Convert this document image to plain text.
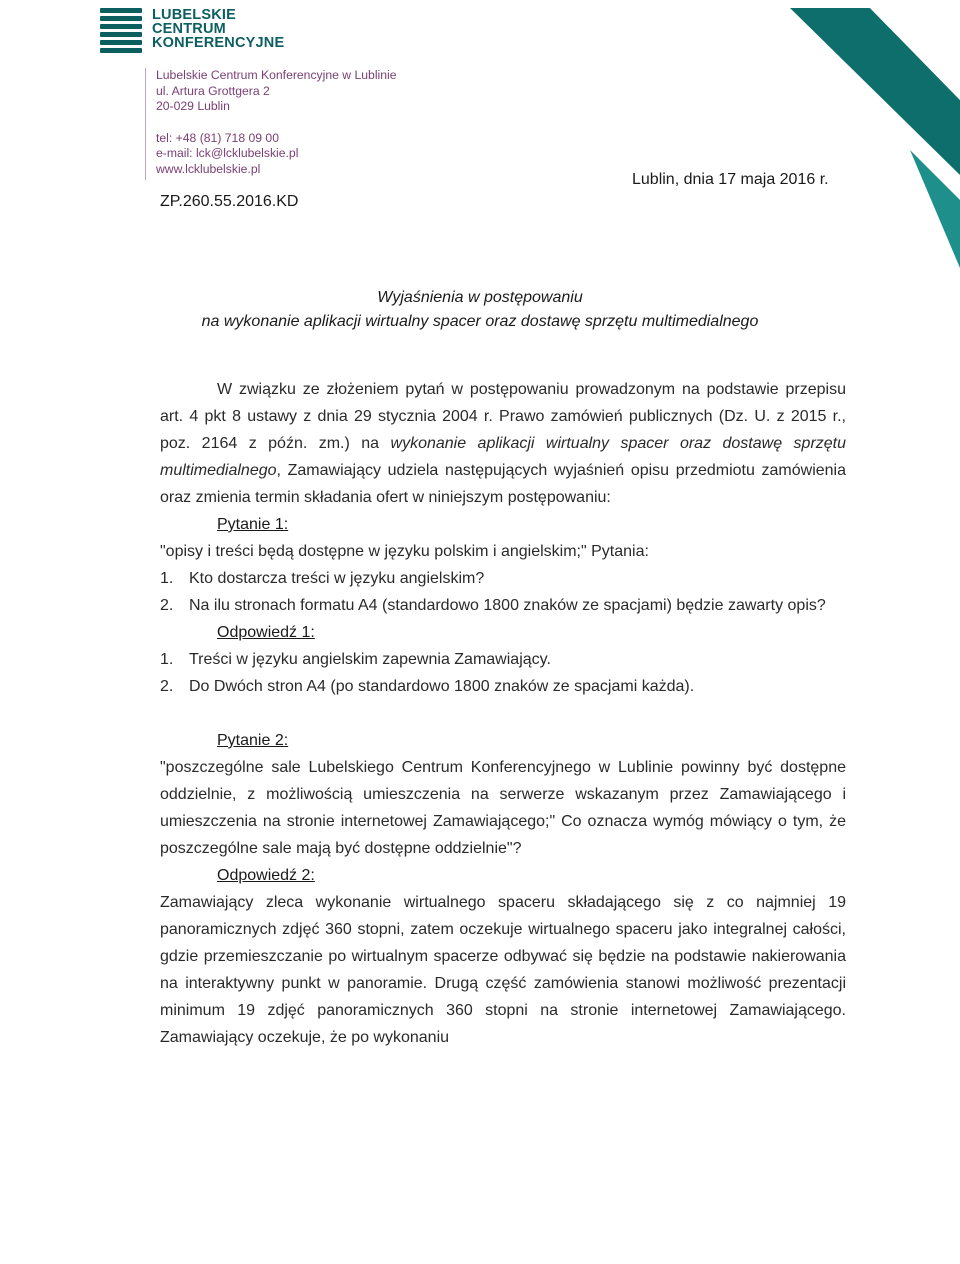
LUBELSKIE
CENTRUM
KONFERENCYJNE
Lubelskie Centrum Konferencyjne w Lublinie
ul. Artura Grottgera 2
20-029 Lublin
tel: +48 (81) 718 09 00
e-mail: lck@lcklubelskie.pl
www.lcklubelskie.pl
Lublin, dnia 17 maja 2016 r.
ZP.260.55.2016.KD
Wyjaśnienia w postępowaniu
na wykonanie aplikacji wirtualny spacer oraz dostawę sprzętu multimedialnego

W związku ze złożeniem pytań w postępowaniu prowadzonym na podstawie przepisu art. 4 pkt 8 ustawy z dnia 29 stycznia 2004 r. Prawo zamówień publicznych (Dz. U. z 2015 r., poz. 2164 z późn. zm.) na wykonanie aplikacji wirtualny spacer oraz dostawę sprzętu multimedialnego, Zamawiający udziela następujących wyjaśnień opisu przedmiotu zamówienia oraz zmienia termin składania ofert w niniejszym postępowaniu:

Pytanie 1:

"opisy i treści będą dostępne w języku polskim i angielskim;" Pytania:

1. Kto dostarcza treści w języku angielskim?
2. Na ilu stronach formatu A4 (standardowo 1800 znaków ze spacjami) będzie zawarty opis?

Odpowiedź 1:

1. Treści w języku angielskim zapewnia Zamawiający.
2. Do Dwóch stron A4 (po standardowo 1800 znaków ze spacjami każda).

Pytanie 2:

"poszczególne sale Lubelskiego Centrum Konferencyjnego w Lublinie powinny być dostępne oddzielnie, z możliwością umieszczenia na serwerze wskazanym przez Zamawiającego i umieszczenia na stronie internetowej Zamawiającego;" Co oznacza wymóg mówiący o tym, że poszczególne sale mają być dostępne oddzielnie"?

Odpowiedź 2:

Zamawiający zleca wykonanie wirtualnego spaceru składającego się z co najmniej 19 panoramicznych zdjęć 360 stopni, zatem oczekuje wirtualnego spaceru jako integralnej całości, gdzie przemieszczanie po wirtualnym spacerze odbywać się będzie na podstawie nakierowania na interaktywny punkt w panoramie. Drugą część zamówienia stanowi możliwość prezentacji minimum 19 zdjęć panoramicznych 360 stopni na stronie internetowej Zamawiającego. Zamawiający oczekuje, że po wykonaniu
